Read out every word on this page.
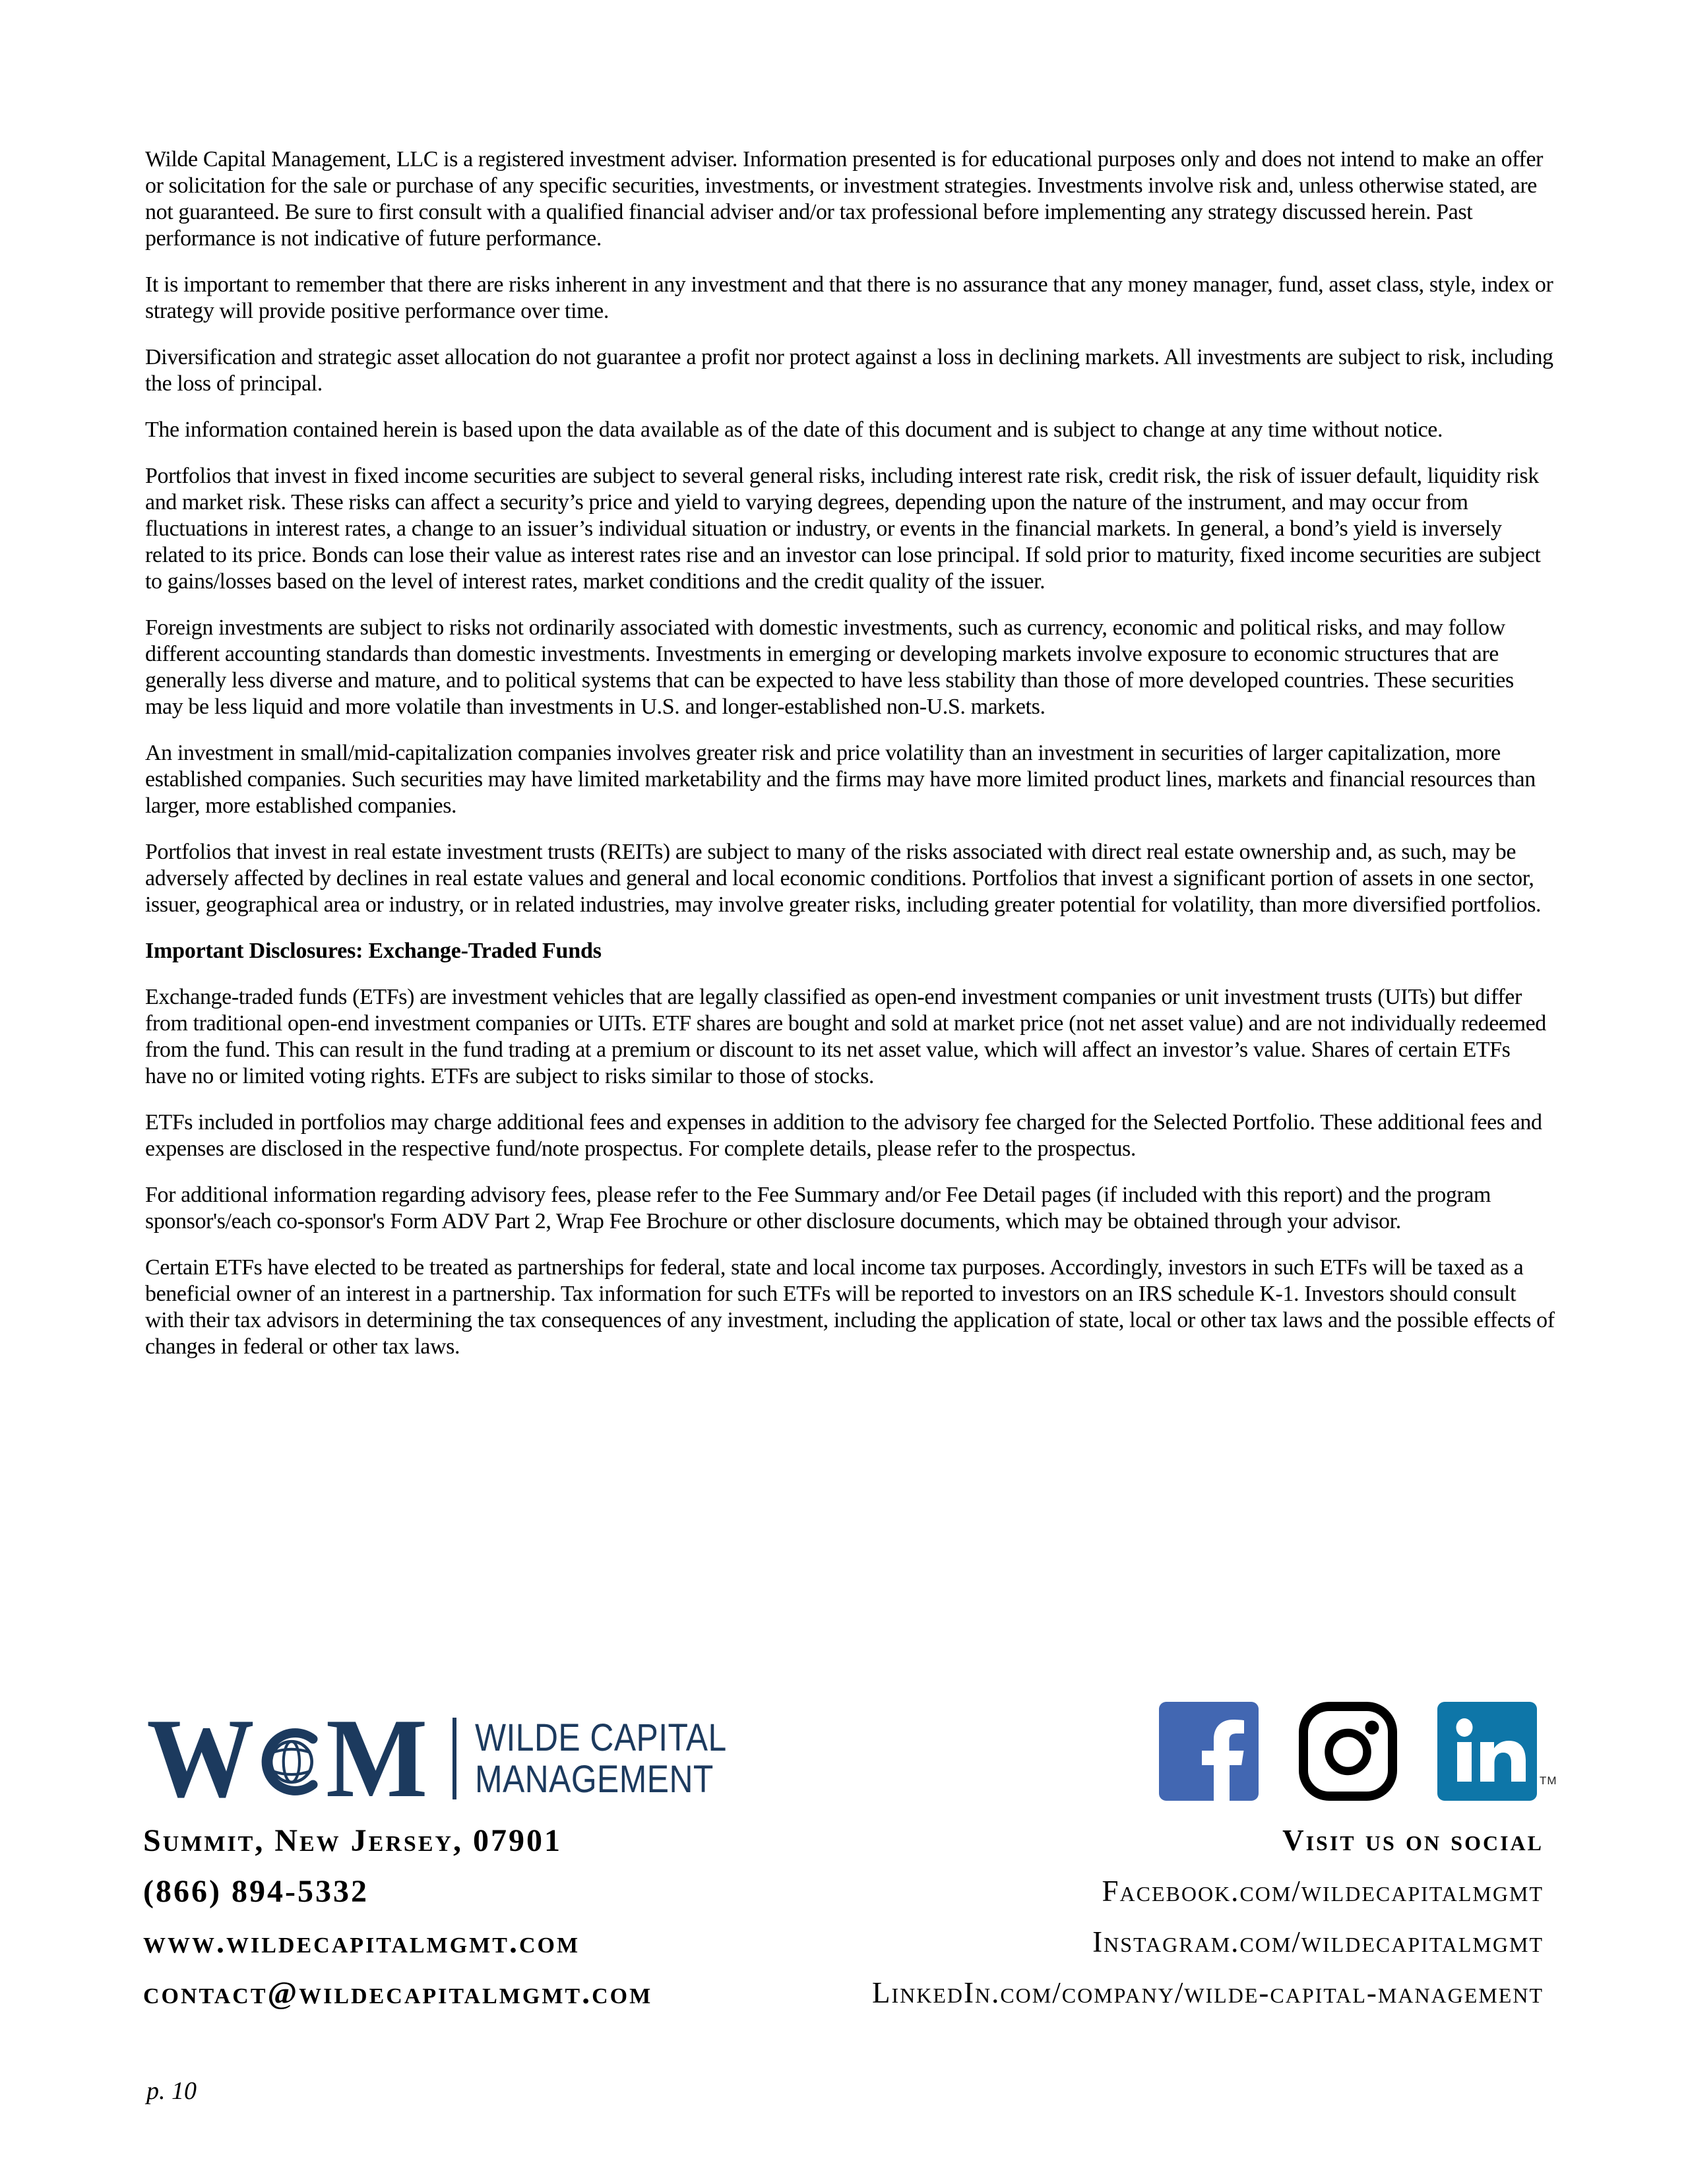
Wilde Capital Management, LLC is a registered investment adviser. Information presented is for educational purposes only and does not intend to make an offer or solicitation for the sale or purchase of any specific securities, investments, or investment strategies. Investments involve risk and, unless otherwise stated, are not guaranteed. Be sure to first consult with a qualified financial adviser and/or tax professional before implementing any strategy discussed herein. Past performance is not indicative of future performance.

It is important to remember that there are risks inherent in any investment and that there is no assurance that any money manager, fund, asset class, style, index or strategy will provide positive performance over time.

Diversification and strategic asset allocation do not guarantee a profit nor protect against a loss in declining markets. All investments are subject to risk, including the loss of principal.

The information contained herein is based upon the data available as of the date of this document and is subject to change at any time without notice.

Portfolios that invest in fixed income securities are subject to several general risks, including interest rate risk, credit risk, the risk of issuer default, liquidity risk and market risk. These risks can affect a security’s price and yield to varying degrees, depending upon the nature of the instrument, and may occur from fluctuations in interest rates, a change to an issuer’s individual situation or industry, or events in the financial markets. In general, a bond’s yield is inversely related to its price. Bonds can lose their value as interest rates rise and an investor can lose principal. If sold prior to maturity, fixed income securities are subject to gains/losses based on the level of interest rates, market conditions and the credit quality of the issuer.

Foreign investments are subject to risks not ordinarily associated with domestic investments, such as currency, economic and political risks, and may follow different accounting standards than domestic investments. Investments in emerging or developing markets involve exposure to economic structures that are generally less diverse and mature, and to political systems that can be expected to have less stability than those of more developed countries. These securities may be less liquid and more volatile than investments in U.S. and longer-established non-U.S. markets.

An investment in small/mid-capitalization companies involves greater risk and price volatility than an investment in securities of larger capitalization, more established companies. Such securities may have limited marketability and the firms may have more limited product lines, markets and financial resources than larger, more established companies.

Portfolios that invest in real estate investment trusts (REITs) are subject to many of the risks associated with direct real estate ownership and, as such, may be adversely affected by declines in real estate values and general and local economic conditions. Portfolios that invest a significant portion of assets in one sector, issuer, geographical area or industry, or in related industries, may involve greater risks, including greater potential for volatility, than more diversified portfolios.

Important Disclosures: Exchange-Traded Funds

Exchange-traded funds (ETFs) are investment vehicles that are legally classified as open-end investment companies or unit investment trusts (UITs) but differ from traditional open-end investment companies or UITs. ETF shares are bought and sold at market price (not net asset value) and are not individually redeemed from the fund. This can result in the fund trading at a premium or discount to its net asset value, which will affect an investor’s value. Shares of certain ETFs have no or limited voting rights. ETFs are subject to risks similar to those of stocks.

ETFs included in portfolios may charge additional fees and expenses in addition to the advisory fee charged for the Selected Portfolio. These additional fees and expenses are disclosed in the respective fund/note prospectus. For complete details, please refer to the prospectus.

For additional information regarding advisory fees, please refer to the Fee Summary and/or Fee Detail pages (if included with this report) and the program sponsor's/each co-sponsor's Form ADV Part 2, Wrap Fee Brochure or other disclosure documents, which may be obtained through your advisor.

Certain ETFs have elected to be treated as partnerships for federal, state and local income tax purposes. Accordingly, investors in such ETFs will be taxed as a beneficial owner of an interest in a partnership. Tax information for such ETFs will be reported to investors on an IRS schedule K-1. Investors should consult with their tax advisors in determining the tax consequences of any investment, including the application of state, local or other tax laws and the possible effects of changes in federal or other tax laws.

W M WILDE CAPITAL
MANAGEMENT	TM
Summit, New Jersey, 07901
(866) 894-5332
www.wildecapitalmgmt.com
contact@wildecapitalmgmt.com
Visit us on social
Facebook.com/wildecapitalmgmt
Instagram.com/wildecapitalmgmt
LinkedIn.com/company/wilde-capital-management
p. 10
